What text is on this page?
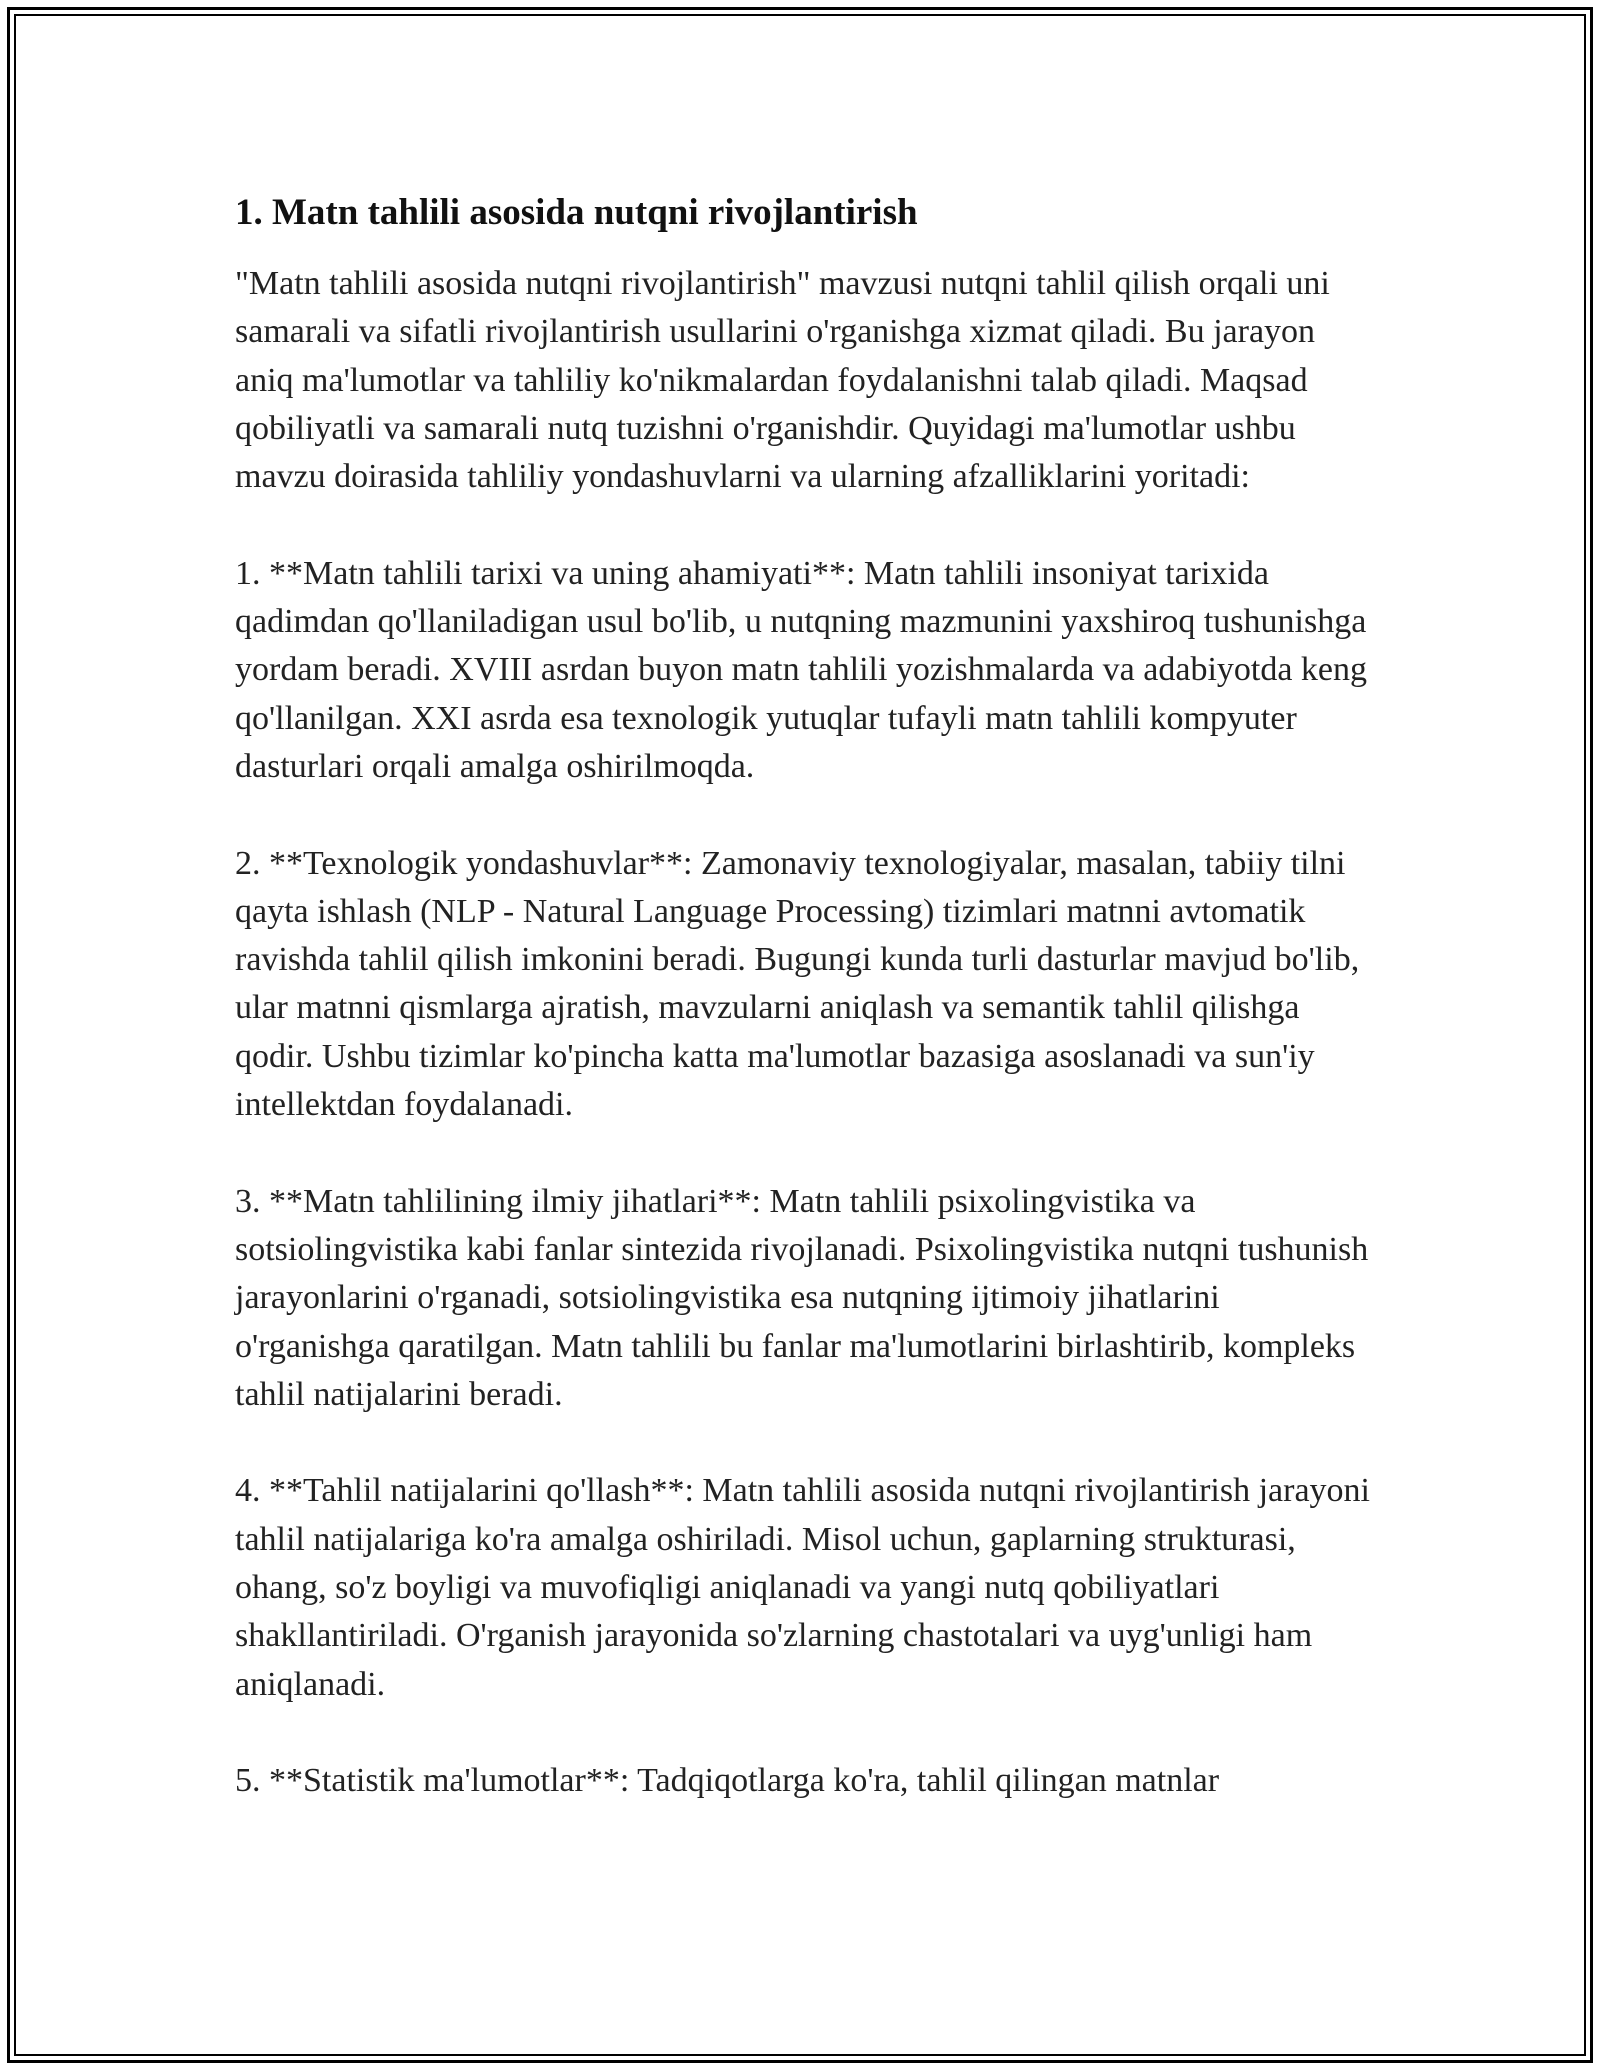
1. Matn tahlili asosida nutqni rivojlantirish

"Matn tahlili asosida nutqni rivojlantirish" mavzusi nutqni tahlil qilish orqali uni samarali va sifatli rivojlantirish usullarini o'rganishga xizmat qiladi. Bu jarayon aniq ma'lumotlar va tahliliy ko'nikmalardan foydalanishni talab qiladi. Maqsad qobiliyatli va samarali nutq tuzishni o'rganishdir. Quyidagi ma'lumotlar ushbu mavzu doirasida tahliliy yondashuvlarni va ularning afzalliklarini yoritadi:

1. **Matn tahlili tarixi va uning ahamiyati**: Matn tahlili insoniyat tarixida qadimdan qo'llaniladigan usul bo'lib, u nutqning mazmunini yaxshiroq tushunishga yordam beradi. XVIII asrdan buyon matn tahlili yozishmalarda va adabiyotda keng qo'llanilgan. XXI asrda esa texnologik yutuqlar tufayli matn tahlili kompyuter dasturlari orqali amalga oshirilmoqda.

2. **Texnologik yondashuvlar**: Zamonaviy texnologiyalar, masalan, tabiiy tilni qayta ishlash (NLP - Natural Language Processing) tizimlari matnni avtomatik ravishda tahlil qilish imkonini beradi. Bugungi kunda turli dasturlar mavjud bo'lib, ular matnni qismlarga ajratish, mavzularni aniqlash va semantik tahlil qilishga qodir. Ushbu tizimlar ko'pincha katta ma'lumotlar bazasiga asoslanadi va sun'iy intellektdan foydalanadi.

3. **Matn tahlilining ilmiy jihatlari**: Matn tahlili psixolingvistika va sotsiolingvistika kabi fanlar sintezida rivojlanadi. Psixolingvistika nutqni tushunish jarayonlarini o'rganadi, sotsiolingvistika esa nutqning ijtimoiy jihatlarini o'rganishga qaratilgan. Matn tahlili bu fanlar ma'lumotlarini birlashtirib, kompleks tahlil natijalarini beradi.

4. **Tahlil natijalarini qo'llash**: Matn tahlili asosida nutqni rivojlantirish jarayoni tahlil natijalariga ko'ra amalga oshiriladi. Misol uchun, gaplarning strukturasi, ohang, so'z boyligi va muvofiqligi aniqlanadi va yangi nutq qobiliyatlari shakllantiriladi. O'rganish jarayonida so'zlarning chastotalari va uyg'unligi ham aniqlanadi.

5. **Statistik ma'lumotlar**: Tadqiqotlarga ko'ra, tahlil qilingan matnlar
